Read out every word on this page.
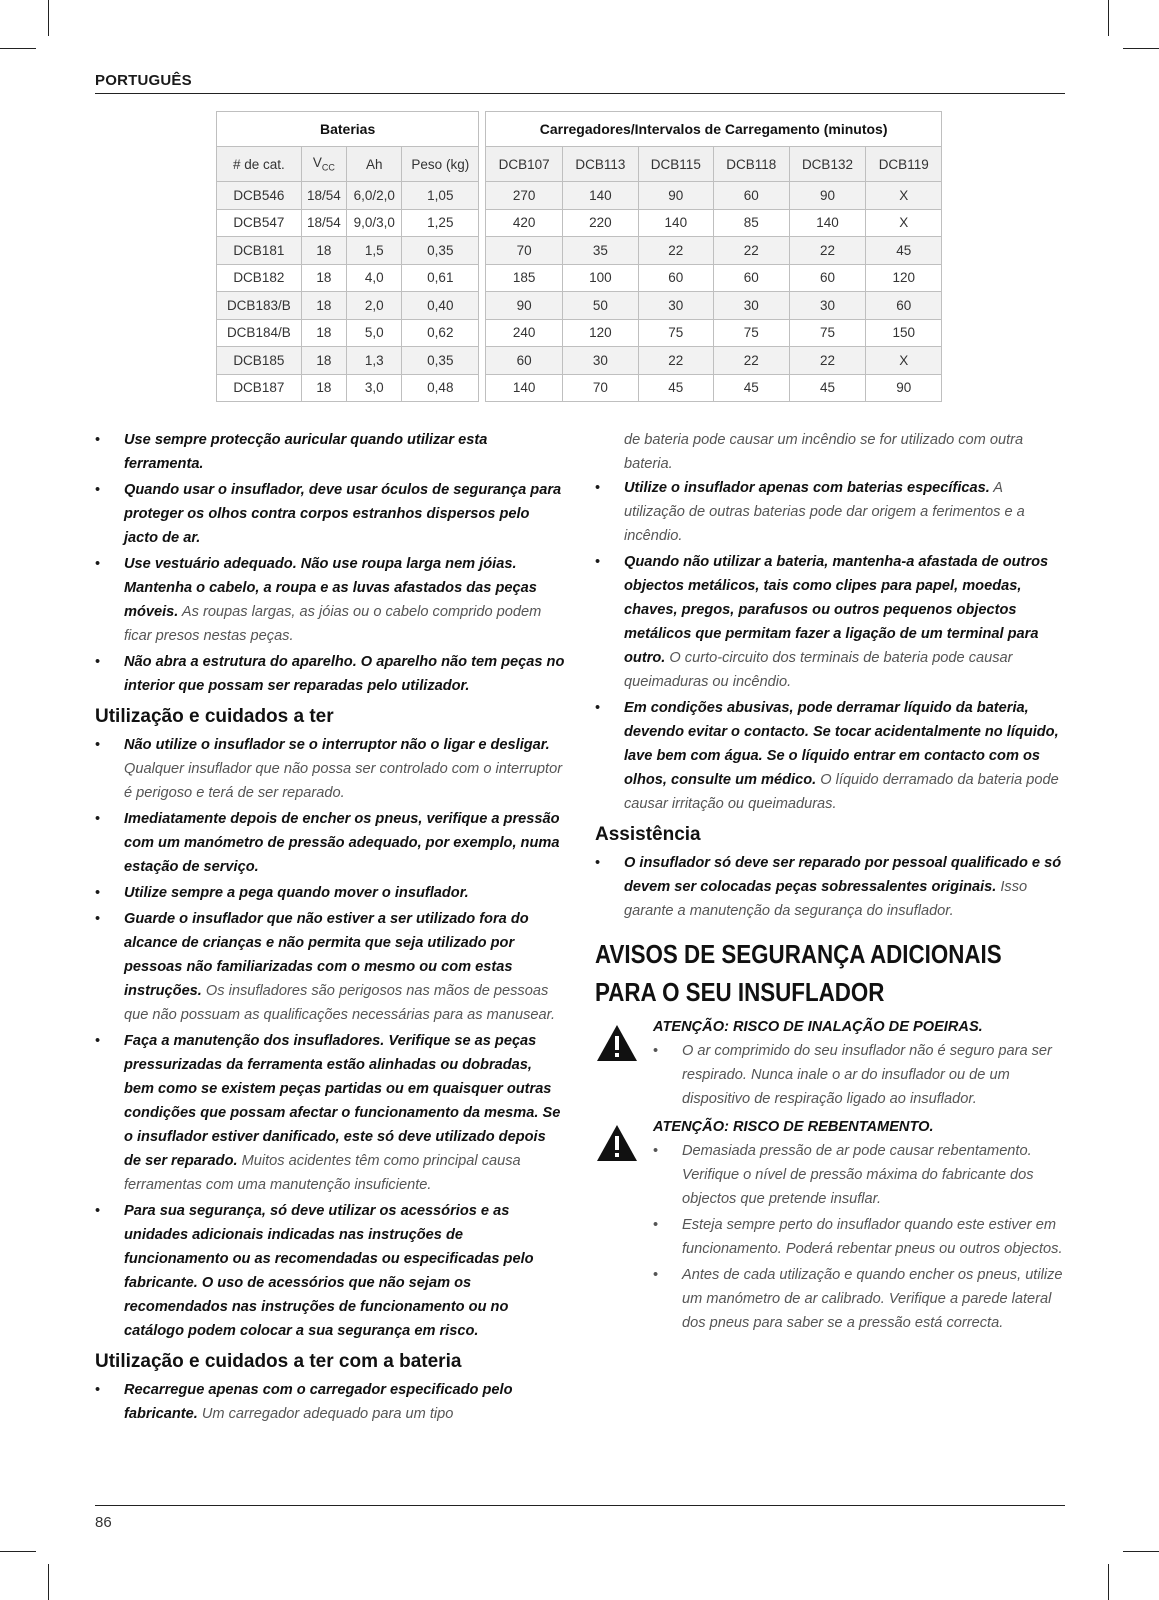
PORTUGUÊS
Baterias					Carregadores/Intervalos de Carregamento (minutos)					
# de cat.	$V_{CC}$	Ah	Peso (kg)		DCB107	DCB113	DCB115	DCB118	DCB132	DCB119
DCB546	18/54	6,0/2,0	1,05		270	140	90	60	90	X
DCB547	18/54	9,0/3,0	1,25		420	220	140	85	140	X
DCB181	18	1,5	0,35		70	35	22	22	22	45
DCB182	18	4,0	0,61		185	100	60	60	60	120
DCB183/B	18	2,0	0,40		90	50	30	30	30	60
DCB184/B	18	5,0	0,62		240	120	75	75	75	150
DCB185	18	1,3	0,35		60	30	22	22	22	X
DCB187	18	3,0	0,48		140	70	45	45	45	90
• Use sempre protecção auricular quando utilizar esta ferramenta.
• Quando usar o insuflador, deve usar óculos de segurança para proteger os olhos contra corpos estranhos dispersos pelo jacto de ar.
• Use vestuário adequado. Não use roupa larga nem jóias. Mantenha o cabelo, a roupa e as luvas afastados das peças móveis. As roupas largas, as jóias ou o cabelo comprido podem ficar presos nestas peças.
• Não abra a estrutura do aparelho. O aparelho não tem peças no interior que possam ser reparadas pelo utilizador.
Utilização e cuidados a ter
• Não utilize o insuflador se o interruptor não o ligar e desligar. Qualquer insuflador que não possa ser controlado com o interruptor é perigoso e terá de ser reparado.
• Imediatamente depois de encher os pneus, verifique a pressão com um manómetro de pressão adequado, por exemplo, numa estação de serviço.
• Utilize sempre a pega quando mover o insuflador.
• Guarde o insuflador que não estiver a ser utilizado fora do alcance de crianças e não permita que seja utilizado por pessoas não familiarizadas com o mesmo ou com estas instruções. Os insufladores são perigosos nas mãos de pessoas que não possuam as qualificações necessárias para as manusear.
• Faça a manutenção dos insufladores. Verifique se as peças pressurizadas da ferramenta estão alinhadas ou dobradas, bem como se existem peças partidas ou em quaisquer outras condições que possam afectar o funcionamento da mesma. Se o insuflador estiver danificado, este só deve utilizado depois de ser reparado. Muitos acidentes têm como principal causa ferramentas com uma manutenção insuficiente.
• Para sua segurança, só deve utilizar os acessórios e as unidades adicionais indicadas nas instruções de funcionamento ou as recomendadas ou especificadas pelo fabricante. O uso de acessórios que não sejam os recomendados nas instruções de funcionamento ou no catálogo podem colocar a sua segurança em risco.
Utilização e cuidados a ter com a bateria
• Recarregue apenas com o carregador especificado pelo fabricante. Um carregador adequado para um tipo
de bateria pode causar um incêndio se for utilizado com outra bateria.
• Utilize o insuflador apenas com baterias específicas. A utilização de outras baterias pode dar origem a ferimentos e a incêndio.
• Quando não utilizar a bateria, mantenha-a afastada de outros objectos metálicos, tais como clipes para papel, moedas, chaves, pregos, parafusos ou outros pequenos objectos metálicos que permitam fazer a ligação de um terminal para outro. O curto-circuito dos terminais de bateria pode causar queimaduras ou incêndio.
• Em condições abusivas, pode derramar líquido da bateria, devendo evitar o contacto. Se tocar acidentalmente no líquido, lave bem com água. Se o líquido entrar em contacto com os olhos, consulte um médico. O líquido derramado da bateria pode causar irritação ou queimaduras.
Assistência
• O insuflador só deve ser reparado por pessoal qualificado e só devem ser colocadas peças sobressalentes originais. Isso garante a manutenção da segurança do insuflador.
AVISOS DE SEGURANÇA ADICIONAIS PARA O SEU INSUFLADOR
ATENÇÃO: RISCO DE INALAÇÃO DE POEIRAS.
• O ar comprimido do seu insuflador não é seguro para ser respirado. Nunca inale o ar do insuflador ou de um dispositivo de respiração ligado ao insuflador.
ATENÇÃO: RISCO DE REBENTAMENTO.
• Demasiada pressão de ar pode causar rebentamento. Verifique o nível de pressão máxima do fabricante dos objectos que pretende insuflar.
• Esteja sempre perto do insuflador quando este estiver em funcionamento. Poderá rebentar pneus ou outros objectos.
• Antes de cada utilização e quando encher os pneus, utilize um manómetro de ar calibrado. Verifique a parede lateral dos pneus para saber se a pressão está correcta.
86
